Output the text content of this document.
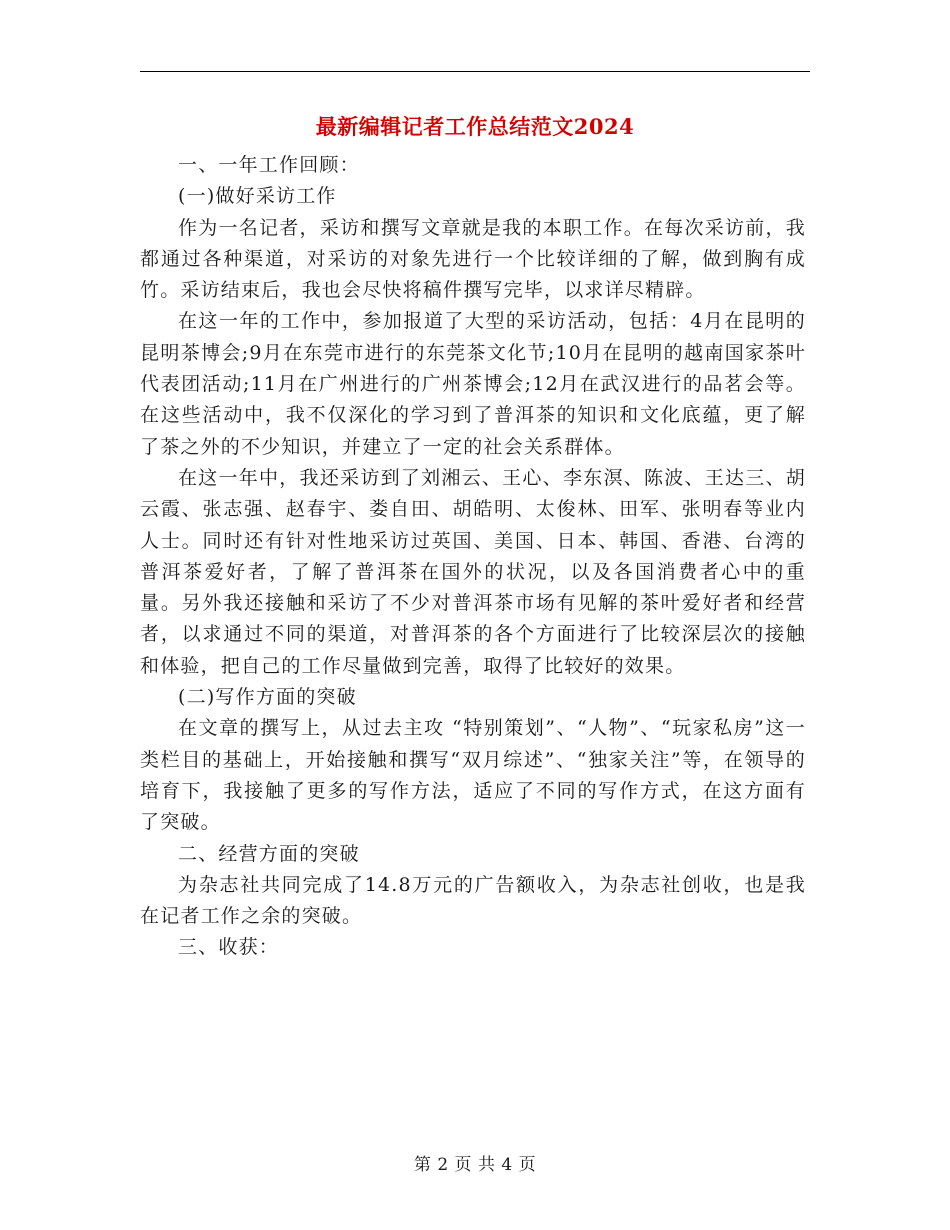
最新编辑记者工作总结范文2024

一、一年工作回顾：

(一)做好采访工作

作为一名记者，采访和撰写文章就是我的本职工作。在每次采访前，我都通过各种渠道，对采访的对象先进行一个比较详细的了解，做到胸有成竹。采访结束后，我也会尽快将稿件撰写完毕，以求详尽精辟。

在这一年的工作中，参加报道了大型的采访活动，包括：4月在昆明的昆明茶博会;9月在东莞市进行的东莞茶文化节;10月在昆明的越南国家茶叶代表团活动;11月在广州进行的广州茶博会;12月在武汉进行的品茗会等。在这些活动中，我不仅深化的学习到了普洱茶的知识和文化底蕴，更了解了茶之外的不少知识，并建立了一定的社会关系群体。

在这一年中，我还采访到了刘湘云、王心、李东溟、陈波、王达三、胡云霞、张志强、赵春宇、娄自田、胡皓明、太俊林、田军、张明春等业内人士。同时还有针对性地采访过英国、美国、日本、韩国、香港、台湾的普洱茶爱好者，了解了普洱茶在国外的状况，以及各国消费者心中的重量。另外我还接触和采访了不少对普洱茶市场有见解的茶叶爱好者和经营者，以求通过不同的渠道，对普洱茶的各个方面进行了比较深层次的接触和体验，把自己的工作尽量做到完善，取得了比较好的效果。

(二)写作方面的突破

在文章的撰写上，从过去主攻 “特别策划”、“人物”、“玩家私房”这一类栏目的基础上，开始接触和撰写“双月综述”、“独家关注”等，在领导的培育下，我接触了更多的写作方法，适应了不同的写作方式，在这方面有了突破。

二、经营方面的突破

为杂志社共同完成了14.8万元的广告额收入，为杂志社创收，也是我在记者工作之余的突破。

三、收获：

第 2 页 共 4 页
